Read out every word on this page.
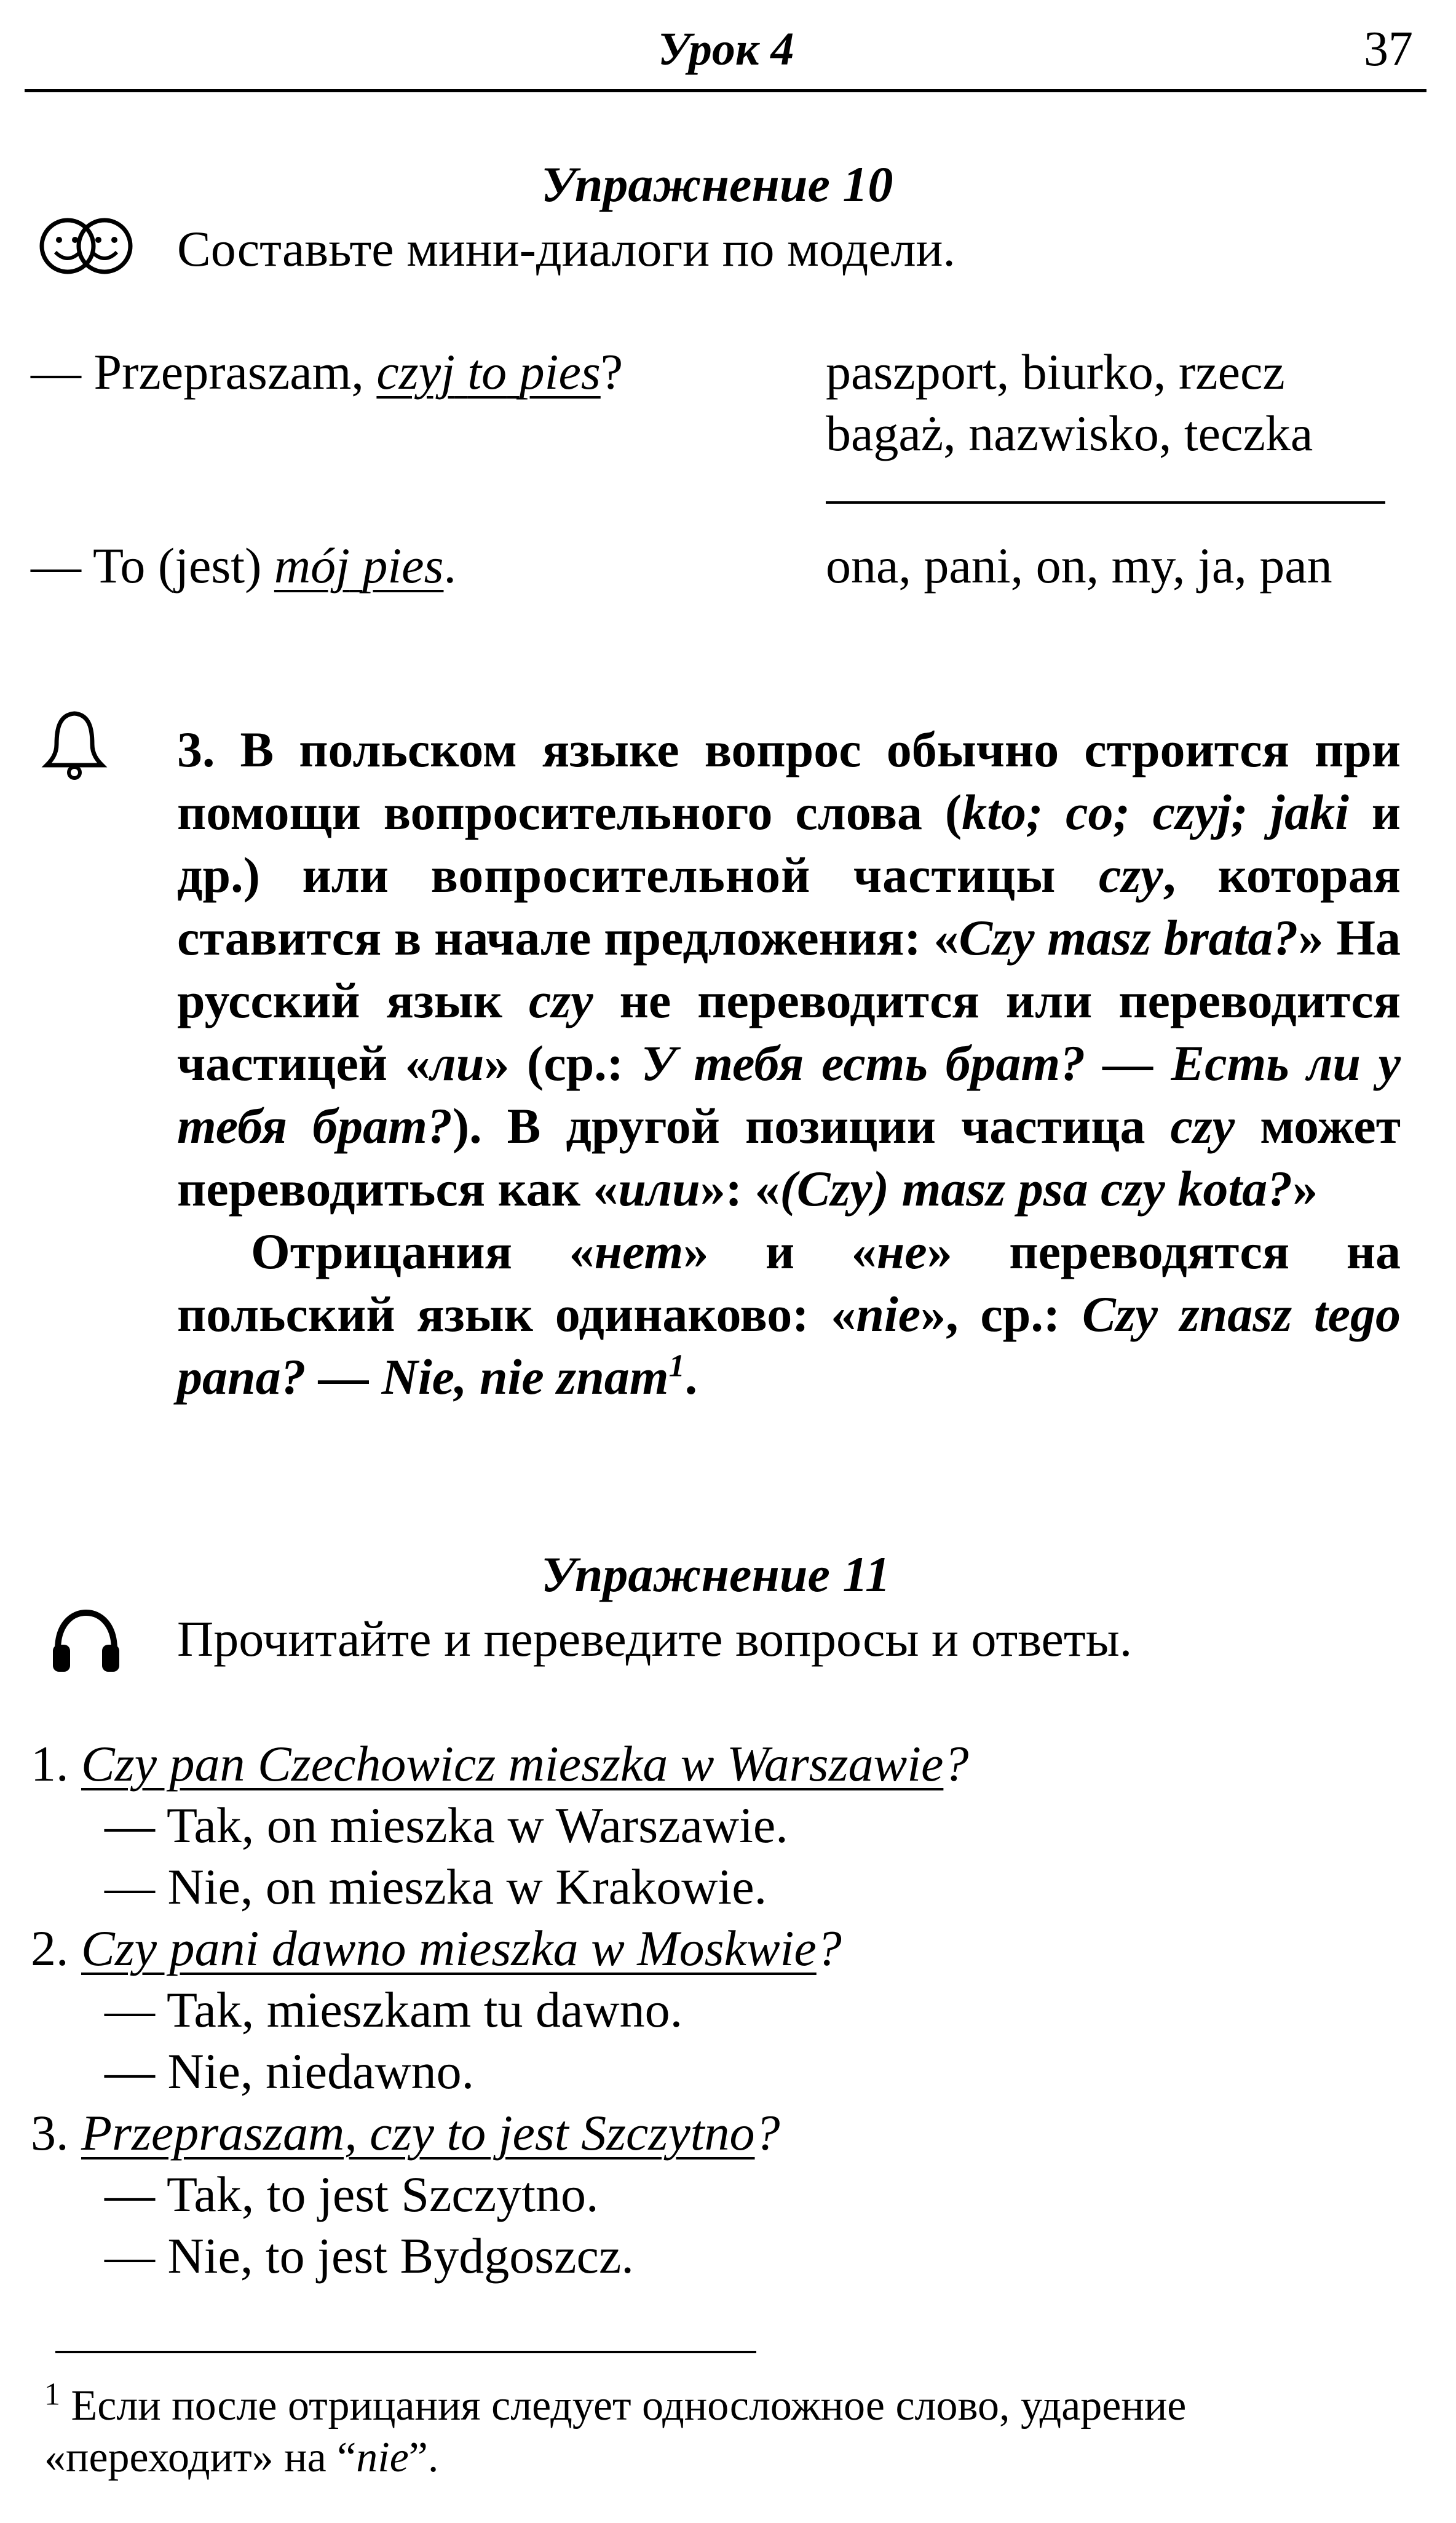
Урок 4	37
Упражнение 10
Составьте мини-диалоги по модели.
— Przepraszam, czyj to pies?	paszport, biurko, rzecz
bagaż, nazwisko, teczka
— To (jest) mój pies.	ona, pani, on, my, ja, pan

3. В польском языке вопрос обычно строится при помощи вопросительного слова (kto; co; czyj; jaki и др.) или вопросительной частицы czy, которая ставится в начале предложения: «Czy masz brata?» На русский язык czy не переводится или переводится частицей «ли» (ср.: У тебя есть брат? — Есть ли у тебя брат?). В другой позиции частица czy может переводиться как «или»: «(Czy) masz psa czy kota?»

Отрицания «нет» и «не» переводятся на польский язык одинаково: «nie», ср.: Czy znasz tego pana? — Nie, nie znam$^1$.

Упражнение 11
Прочитайте и переведите вопросы и ответы.
1. Czy pan Czechowicz mieszka w Warszawie?
— Tak, on mieszka w Warszawie.
— Nie, on mieszka w Krakowie.
2. Czy pani dawno mieszka w Moskwie?
— Tak, mieszkam tu dawno.
— Nie, niedawno.
3. Przepraszam, czy to jest Szczytno?
— Tak, to jest Szczytno.
— Nie, to jest Bydgoszcz.
$^1$ Если после отрицания следует односложное слово, ударение «переходит» на “nie”.
